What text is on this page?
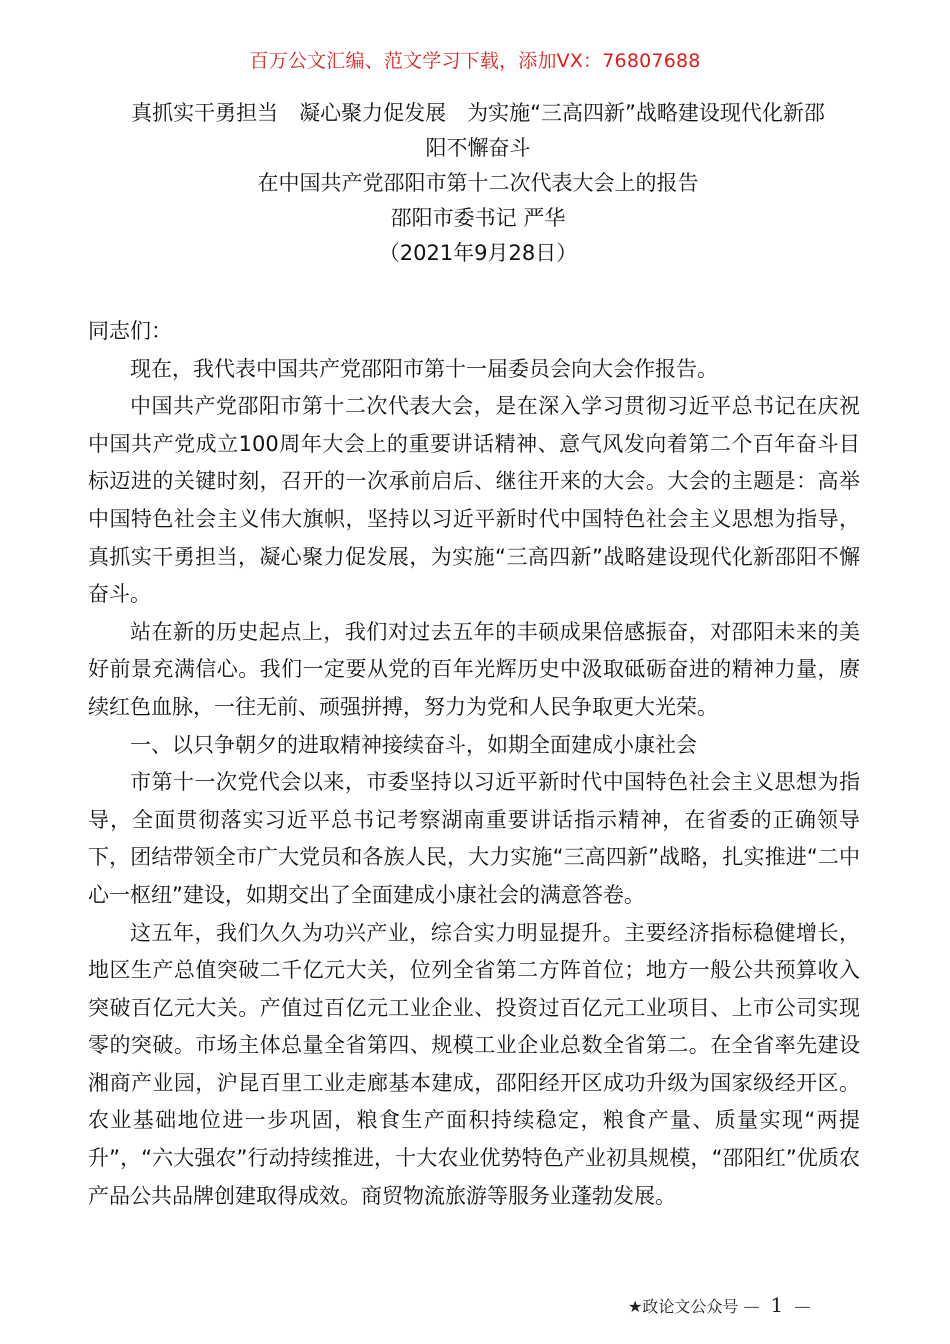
百万公文汇编、范文学习下载，添加VX：76807688
真抓实干勇担当　凝心聚力促发展　为实施“三高四新”战略建设现代化新邵
阳不懈奋斗
在中国共产党邵阳市第十二次代表大会上的报告
邵阳市委书记 严华
（2021年9月28日）

同志们：

现在，我代表中国共产党邵阳市第十一届委员会向大会作报告。

中国共产党邵阳市第十二次代表大会，是在深入学习贯彻习近平总书记在庆祝中国共产党成立100周年大会上的重要讲话精神、意气风发向着第二个百年奋斗目标迈进的关键时刻，召开的一次承前启后、继往开来的大会。大会的主题是：高举中国特色社会主义伟大旗帜，坚持以习近平新时代中国特色社会主义思想为指导，真抓实干勇担当，凝心聚力促发展，为实施“三高四新”战略建设现代化新邵阳不懈奋斗。

站在新的历史起点上，我们对过去五年的丰硕成果倍感振奋，对邵阳未来的美好前景充满信心。我们一定要从党的百年光辉历史中汲取砥砺奋进的精神力量，赓续红色血脉，一往无前、顽强拼搏，努力为党和人民争取更大光荣。

一、以只争朝夕的进取精神接续奋斗，如期全面建成小康社会

市第十一次党代会以来，市委坚持以习近平新时代中国特色社会主义思想为指导，全面贯彻落实习近平总书记考察湖南重要讲话指示精神，在省委的正确领导下，团结带领全市广大党员和各族人民，大力实施“三高四新”战略，扎实推进“二中心一枢纽”建设，如期交出了全面建成小康社会的满意答卷。

这五年，我们久久为功兴产业，综合实力明显提升。主要经济指标稳健增长，地区生产总值突破二千亿元大关，位列全省第二方阵首位；地方一般公共预算收入突破百亿元大关。产值过百亿元工业企业、投资过百亿元工业项目、上市公司实现零的突破。市场主体总量全省第四、规模工业企业总数全省第二。在全省率先建设湘商产业园，沪昆百里工业走廊基本建成，邵阳经开区成功升级为国家级经开区。农业基础地位进一步巩固，粮食生产面积持续稳定，粮食产量、质量实现“两提升”，“六大强农”行动持续推进，十大农业优势特色产业初具规模，“邵阳红”优质农产品公共品牌创建取得成效。商贸物流旅游等服务业蓬勃发展。

★政论文公众号 — 1 —
